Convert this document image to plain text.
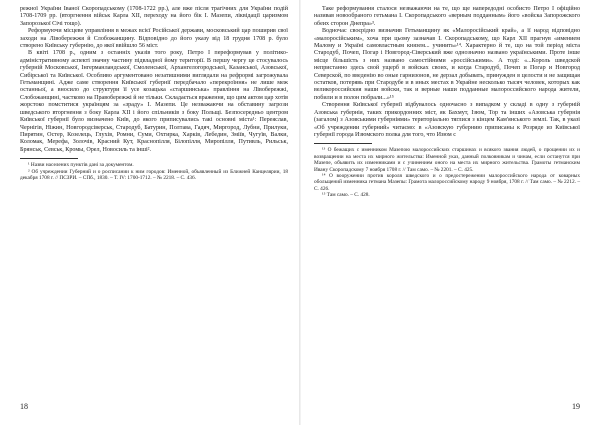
режної України Іваної Скоропадському (1708-1722 рр.), але вже після трагічних для України подій 1708-1709 рр. (вторгнення військ Карла XII, переходу на його бік І. Мазепи, ліквідації царизмом Запорозької Січі тощо).

Реформуючи місцеве управління в межах всієї Російської держави, московський цар поширив свої заходи на Лівобережжя й Слобожанщину. Відповідно до його указу від 18 грудня 1708 р. було створено Київську губернію, до якої ввійшло 56 міст.

В квіті 1708 р., одним з останніх указів того року, Петро І переформував у політико-адміністративному аспекті значну частину підвладної йому території. В першу чергу це стосувалось губерній Московської, Інгерманландської, Смоленської, Архангелогородської, Казанської, Азовської, Сибірської та Київської. Особливо аргументовано незатишними виглядали на рефрормі загрожувала Гетьманщині. Адже саме створення Київської губернії передбачало «перекроїння» не лише меж останньої, а вносило до структури її усе козацька «старшинська» правління на Лівобережжі, Слобожанщині, частково на Правобережжі й не тільки. Складається враження, що цим актом цар хотів жорстоко помститися українцям за «зраду» І. Мазепи. Це незважаючи на обставину загрози шведського вторгнення з боку Карла XII і його спільників з боку Польщі. Безпосередньо центром Київської губернії було визначено Київ, до якого приписувались такі основні міста¹: Переяслав, Чернігів, Ніжин, Новгородсіверськ, Стародуб, Батурин, Полтава, Гадяч, Миргород, Лубни, Прилуки, Пирятин, Остер, Козелець, Глухів, Ромни, Суми, Охтирка, Харків, Лебедин, Зміїв, Чугуїв, Валки, Коломак, Мерефа, Золочів, Красний Кут, Краснопілля, Білопілля, Миропілля, Путивль, Рильськ, Брянськ, Севськ, Кромы, Орел, Новосиль та інші².

¹ Назви населених пунктів дані за документом.

² Об учреждении Губерний и о росписании к ним городов: Именной, объявленный из Ближней Канцелярии, 18 декабря 1708 г. // ПСЗРИ. – СПб., 1830. – Т. IV: 1700-1712. – № 2218. – С. 436.

18

Таке реформування сталося незважаючи на те, що ще напередодні особисто Петро І офіційно називав новообраного гетьмана І. Скоропадського «верным подданным» його «войска Запорожского обеих сторон Днепра»³.

Водночас своєрідно визначив Гетьманщину як «Малоросійський край», а її народ відповідно «малоросійським», хоча при цьому зазначав І. Скоропадському, що Карл XII прагнув «имением Малому и Україні самовластным князем... учинить»¹⁴. Характерно й те, що на той період міста Стародуб, Почеп, Погар і Новгород-Сіверський вже однозначно названо українськими. Проте інше місце більшість з них названо самостійними «россійськими». А тоді: «...Король шведской непристанно здесь свой ущерб в войсках своих, и когда Стародуб, Почеп и Погар и Новгород Северской, по введенію во оные гарнизонов, не дерзал добывать, принужден в целости и не защищая остатков, потерявь при Стародубе и в иных местах в Украйне несколько тысяч человек, которых как великороссийския наши войски, так и верные наши подданные малороссийского народа жители, побили и в полон побрали...»¹⁵

Створення Київської губернії відбувалось одночасно з випадком у складі в одну з губерній Азовська губернія, таких прикордонних міст, як Бахмут, Ізюм, Тор та інших «Азовська губернія (загалом) з Азовськими губерніями» територіально тяглися з кінцем Кам'янського землі. Так, в указі «Об учреждении губерний» читаємо: в «Азовскую губернию приписаны к Розряде из Київської губернії города Изюмского полка для того, что Изюм с

¹³ О бежащих с именником Мазепою малороссийских старшинах и всякого звания людей, о прощении их и возвращении на места их мирного жительства: Именной указ, данный полковникам и чинам, если останутся при Мазепе, объявить их изменниками и с учинением оного на места их мирного жительства. Грамоты гетманским Ивану Скоропадскому 7 ноября 1708 г. // Там само. – № 2201. – С. 425.

¹⁴ О вооружении против короля шведского и о предостережении малороссийского народа от коварных обольщений изменника гетмана Мазепы: Грамота малороссийскому народу 9 ноября, 1708 г. // Там само. – № 2212. – С. 426.

¹⁵ Там само. – С. 428.

19
